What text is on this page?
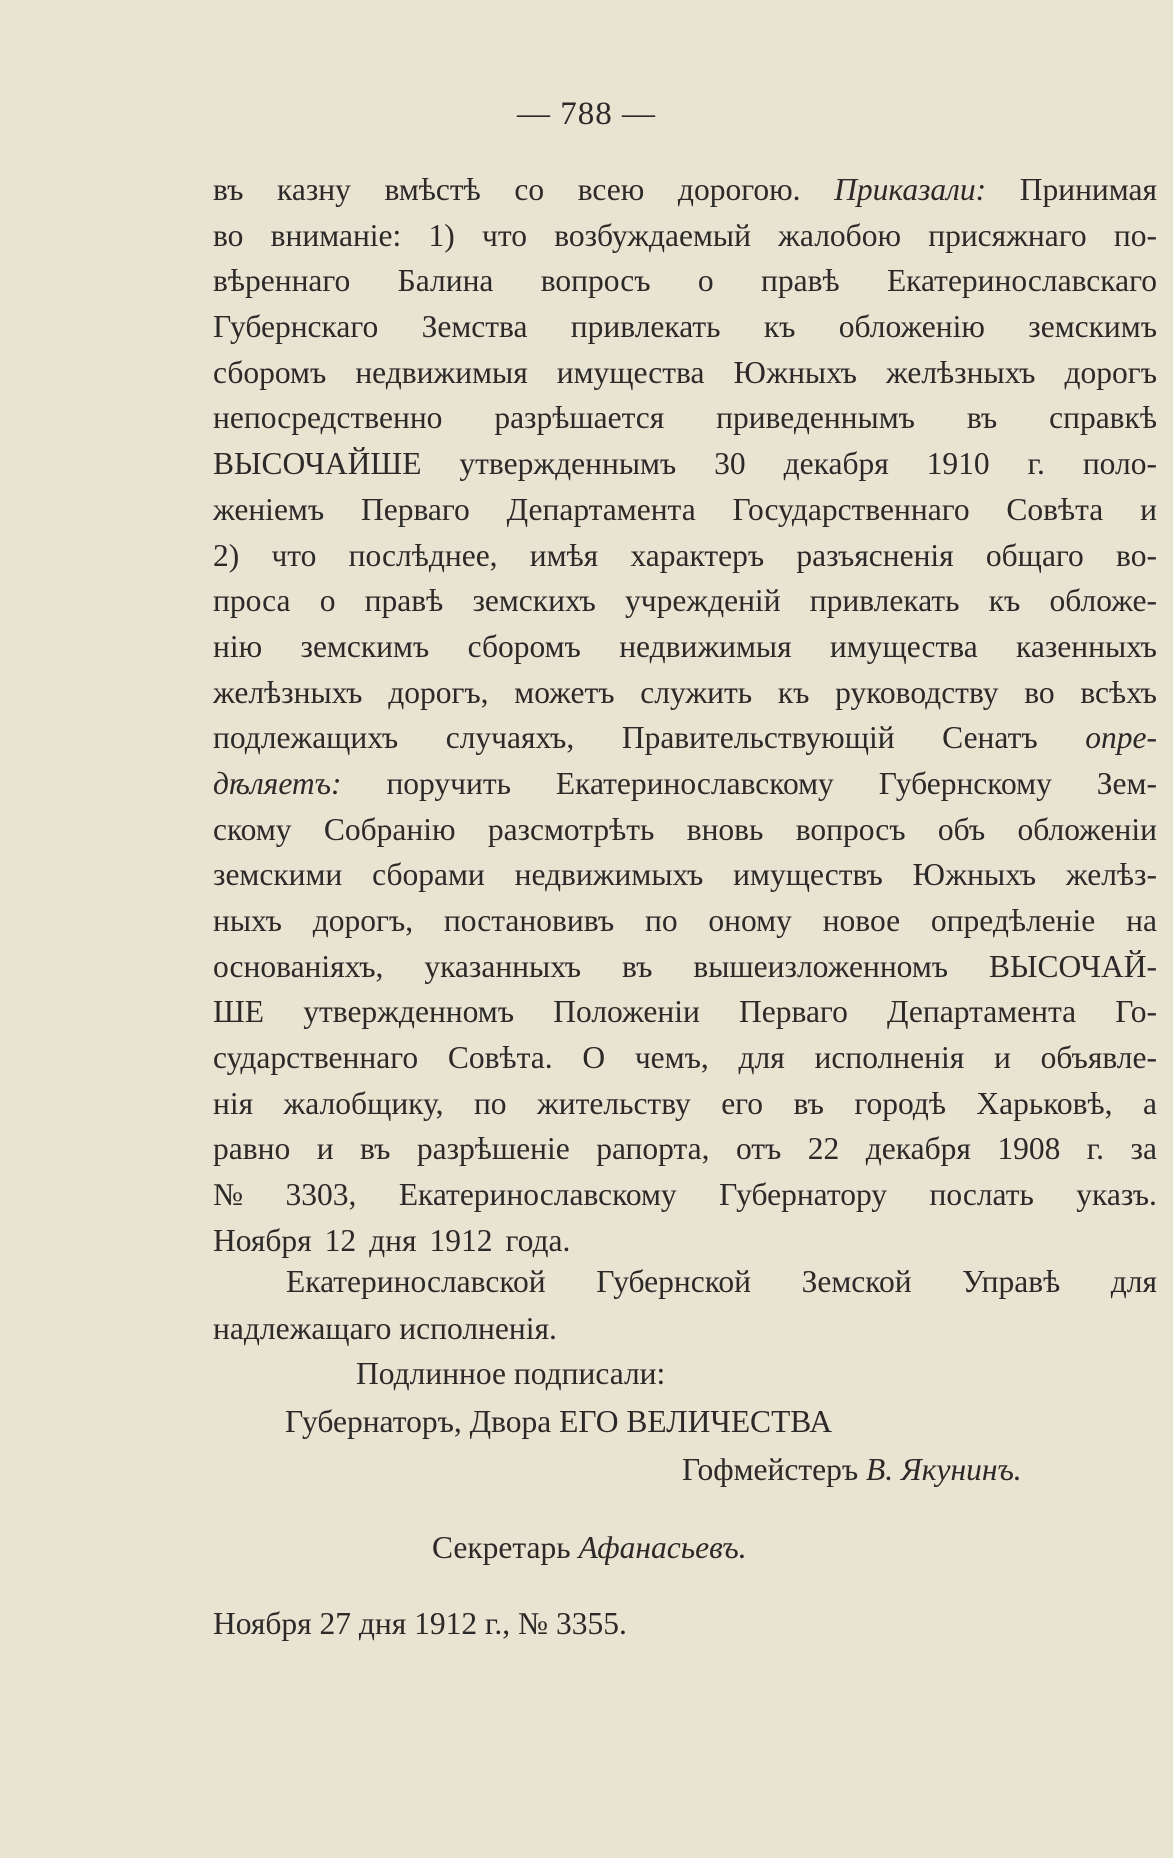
— 788 —
въ казну вмѣстѣ со всею дорогою. Приказали: Принимая
во вниманіе: 1) что возбуждаемый жалобою присяжнаго по-
вѣреннаго Балина вопросъ о правѣ Екатеринославскаго
Губернскаго Земства привлекать къ обложенію земскимъ
сборомъ недвижимыя имущества Южныхъ желѣзныхъ дорогъ
непосредственно разрѣшается приведеннымъ въ справкѣ
ВЫСОЧАЙШЕ утвержденнымъ 30 декабря 1910 г. поло-
женіемъ Перваго Департамента Государственнаго Совѣта и
2) что послѣднее, имѣя характеръ разъясненія общаго во-
проса о правѣ земскихъ учрежденій привлекать къ обложе-
нію земскимъ сборомъ недвижимыя имущества казенныхъ
желѣзныхъ дорогъ, можетъ служить къ руководству во всѣхъ
подлежащихъ случаяхъ, Правительствующій Сенатъ опре-
дѣляетъ: поручить Екатеринославскому Губернскому Зем-
скому Собранію разсмотрѣть вновь вопросъ объ обложеніи
земскими сборами недвижимыхъ имуществъ Южныхъ желѣз-
ныхъ дорогъ, постановивъ по оному новое опредѣленіе на
основаніяхъ, указанныхъ въ вышеизложенномъ ВЫСОЧАЙ-
ШЕ утвержденномъ Положеніи Перваго Департамента Го-
сударственнаго Совѣта. О чемъ, для исполненія и объявле-
нія жалобщику, по жительству его въ городѣ Харьковѣ, а
равно и въ разрѣшеніе рапорта, отъ 22 декабря 1908 г. за
№ 3303, Екатеринославскому Губернатору послать указъ.
Ноября 12 дня 1912 года.
Екатеринославской Губернской Земской Управѣ для
надлежащаго исполненія.
Подлинное подписали:
Губернаторъ, Двора ЕГО ВЕЛИЧЕСТВА
Гофмейстеръ В. Якунинъ.
Секретарь Афанасьевъ.
Ноября 27 дня 1912 г., № 3355.
